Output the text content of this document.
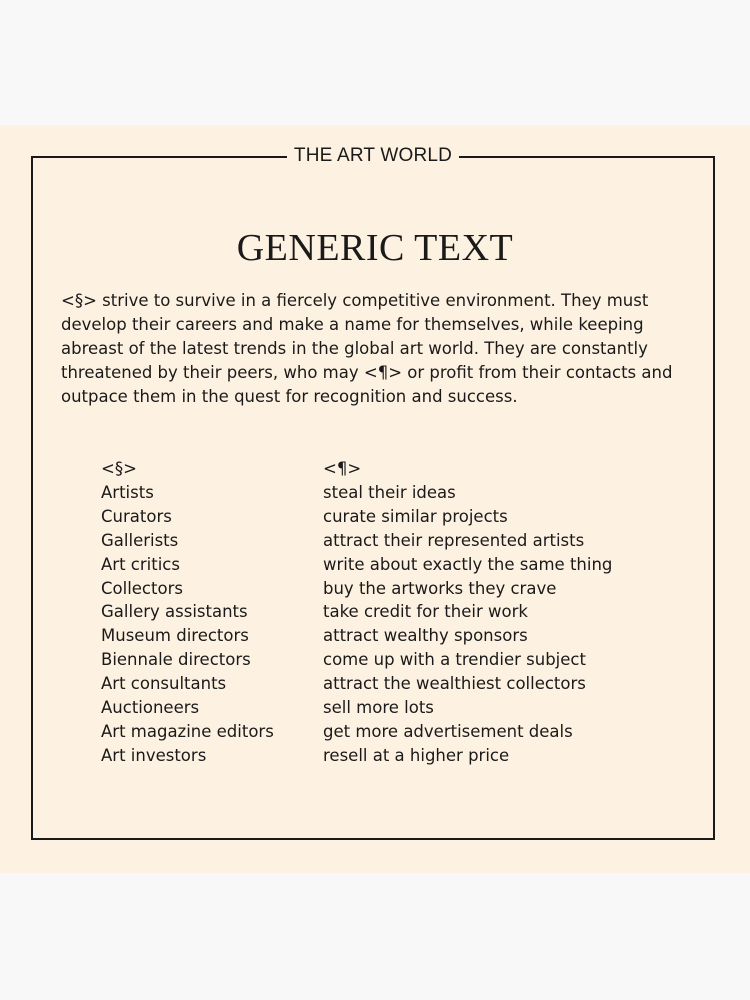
THE ART WORLD
GENERIC TEXT

<§> strive to survive in a fiercely competitive environment. They must develop their careers and make a name for themselves, while keeping abreast of the latest trends in the global art world. They are constantly threatened by their peers, who may <¶> or profit from their contacts and outpace them in the quest for recognition and success.

<§>	<¶>
Artists	steal their ideas
Curators	curate similar projects
Gallerists	attract their represented artists
Art critics	write about exactly the same thing
Collectors	buy the artworks they crave
Gallery assistants	take credit for their work
Museum directors	attract wealthy sponsors
Biennale directors	come up with a trendier subject
Art consultants	attract the wealthiest collectors
Auctioneers	sell more lots
Art magazine editors	get more advertisement deals
Art investors	resell at a higher price
